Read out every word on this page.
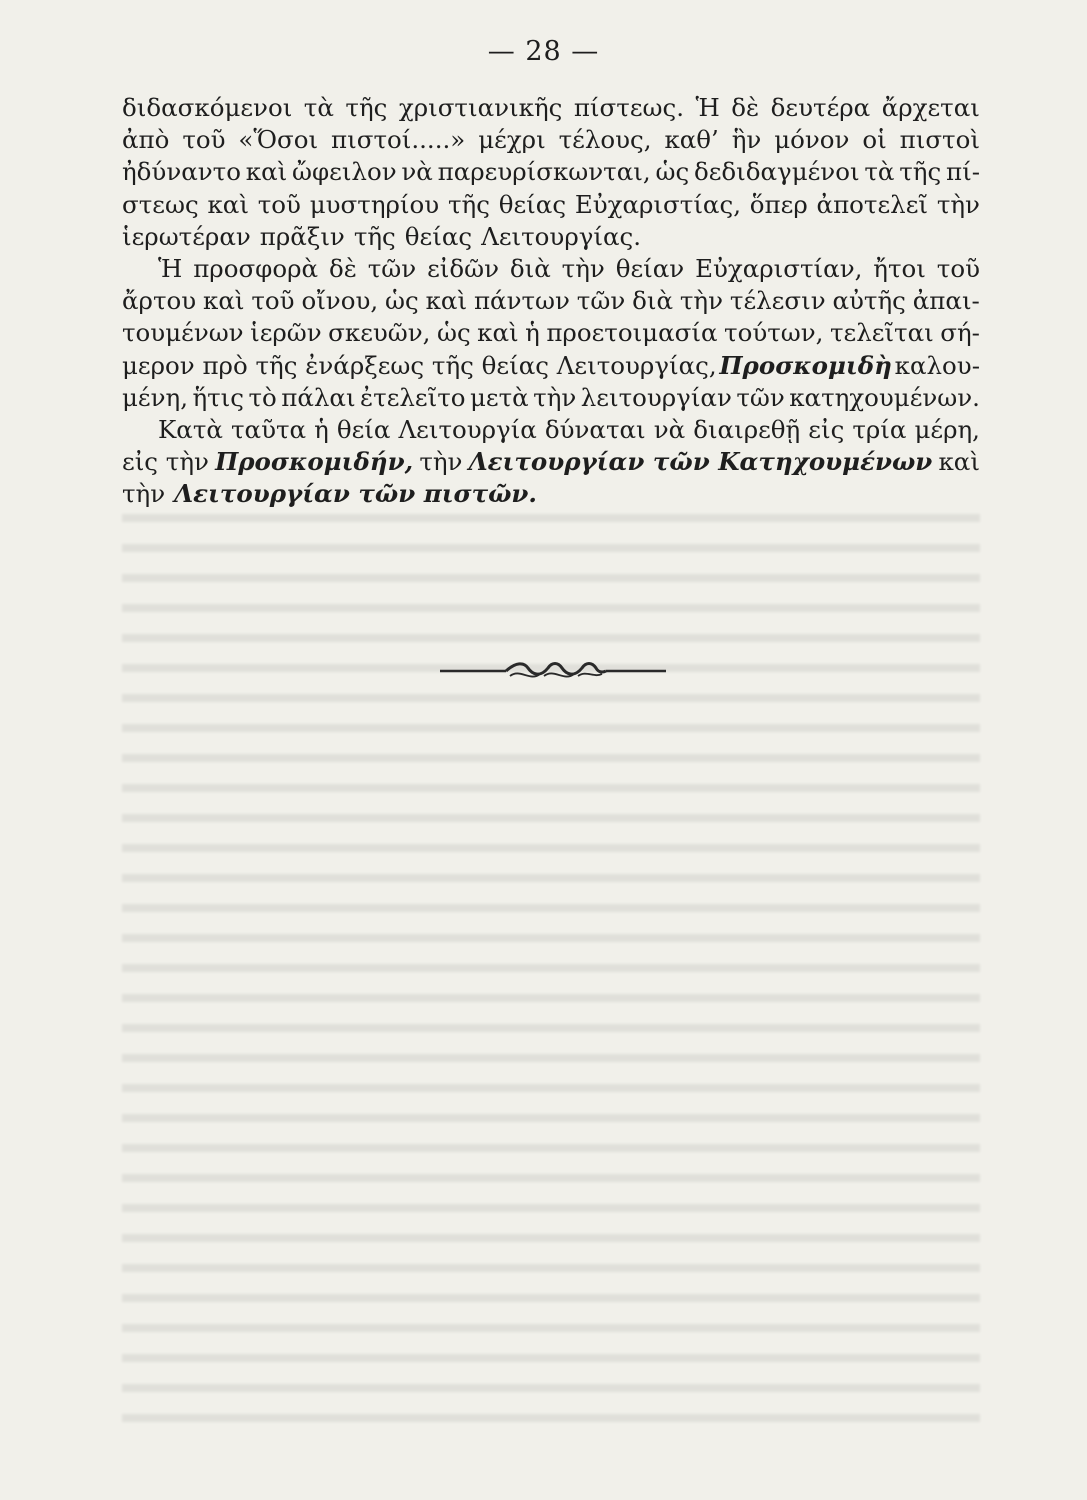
— 28 —
διδασκόμενοι τὰ τῆς χριστιανικῆς πίστεως. Ἡ δὲ δευτέρα ἄρχεται
ἀπὸ τοῦ «Ὅσοι πιστοί.....» μέχρι τέλους, καθ’ ἣν μόνον οἱ πιστοὶ
ἠδύναντο καὶ ὤφειλον νὰ παρευρίσκωνται, ὡς δεδιδαγμένοι τὰ τῆς πί-
στεως καὶ τοῦ μυστηρίου τῆς θείας Εὐχαριστίας, ὅπερ ἀποτελεῖ τὴν
ἱερωτέραν πρᾶξιν τῆς θείας Λειτουργίας.
Ἡ προσφορὰ δὲ τῶν εἰδῶν διὰ τὴν θείαν Εὐχαριστίαν, ἤτοι τοῦ
ἄρτου καὶ τοῦ οἴνου, ὡς καὶ πάντων τῶν διὰ τὴν τέλεσιν αὐτῆς ἀπαι-
τουμένων ἱερῶν σκευῶν, ὡς καὶ ἡ προετοιμασία τούτων, τελεῖται σή-
μερον πρὸ τῆς ἐνάρξεως τῆς θείας Λειτουργίας, Προσκομιδὴ καλου-
μένη, ἥτις τὸ πάλαι ἐτελεῖτο μετὰ τὴν λειτουργίαν τῶν κατηχουμένων.
Κατὰ ταῦτα ἡ θεία Λειτουργία δύναται νὰ διαιρεθῇ εἰς τρία μέρη,
εἰς τὴν Προσκομιδήν, τὴν Λειτουργίαν τῶν Κατηχουμένων καὶ
τὴν Λειτουργίαν τῶν πιστῶν.
